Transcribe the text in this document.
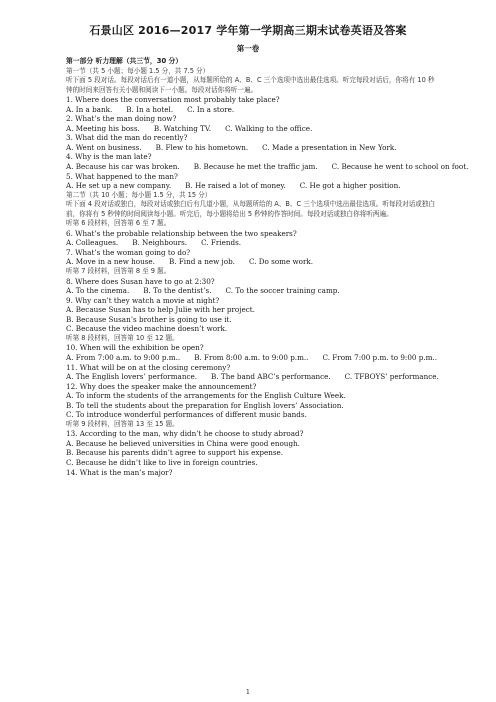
石景山区 2016—2017 学年第一学期高三期末试卷英语及答案
第一卷
第一部分 听力理解（共三节，30 分）
第一节（共 5 小题；每小题 1.5 分，共 7.5 分）
听下面 5 段对话。每段对话后有一道小题，从每题所给的 A、B、C 三个选项中选出最佳选项。听完每段对话后，你将有 10 秒钟的时间来回答有关小题和阅读下一小题。每段对话你将听一遍。
1. Where does the conversation most probably take place?
A. In a bank. B. In a hotel. C. In a store.
2. What’s the man doing now?
A. Meeting his boss. B. Watching TV. C. Walking to the office.
3. What did the man do recently?
A. Went on business. B. Flew to his hometown. C. Made a presentation in New York.
4. Why is the man late?
A. Because his car was broken. B. Because he met the traffic jam. C. Because he went to school on foot.
5. What happened to the man?
A. He set up a new company. B. He raised a lot of money. C. He got a higher position.
第二节（共 10 小题；每小题 1.5 分，共 15 分）
听下面 4 段对话或独白，每段对话或独白后有几道小题，从每题所给的 A、B、C 三个选项中选出最佳选项。听每段对话或独白前，你将有 5 秒钟的时间阅读每小题。听完后，每小题将给出 5 秒钟的作答时间。每段对话或独白你将听两遍。
听第 6 段材料，回答第 6 至 7 题。
6. What’s the probable relationship between the two speakers?
A. Colleagues. B. Neighbours. C. Friends.
7. What’s the woman going to do?
A. Move in a new house. B. Find a new job. C. Do some work.
听第 7 段材料，回答第 8 至 9 题。
8. Where does Susan have to go at 2:30?
A. To the cinema. B. To the dentist’s. C. To the soccer training camp.
9. Why can’t they watch a movie at night?
A. Because Susan has to help Julie with her project.
B. Because Susan’s brother is going to use it.
C. Because the video machine doesn’t work.
听第 8 段材料，回答第 10 至 12 题。
10. When will the exhibition be open?
A. From 7:00 a.m. to 9:00 p.m.. B. From 8:00 a.m. to 9:00 p.m.. C. From 7:00 p.m. to 9:00 p.m..
11. What will be on at the closing ceremony?
A. The English lovers’ performance. B. The band ABC’s performance. C. TFBOYS’ performance.
12. Why does the speaker make the announcement?
A. To inform the students of the arrangements for the English Culture Week.
B. To tell the students about the preparation for English lovers’ Association.
C. To introduce wonderful performances of different music bands.
听第 9 段材料，回答第 13 至 15 题。
13. According to the man, why didn’t he choose to study abroad?
A. Because he believed universities in China were good enough.
B. Because his parents didn’t agree to support his expense.
C. Because he didn’t like to live in foreign countries.
14. What is the man’s major?
1
